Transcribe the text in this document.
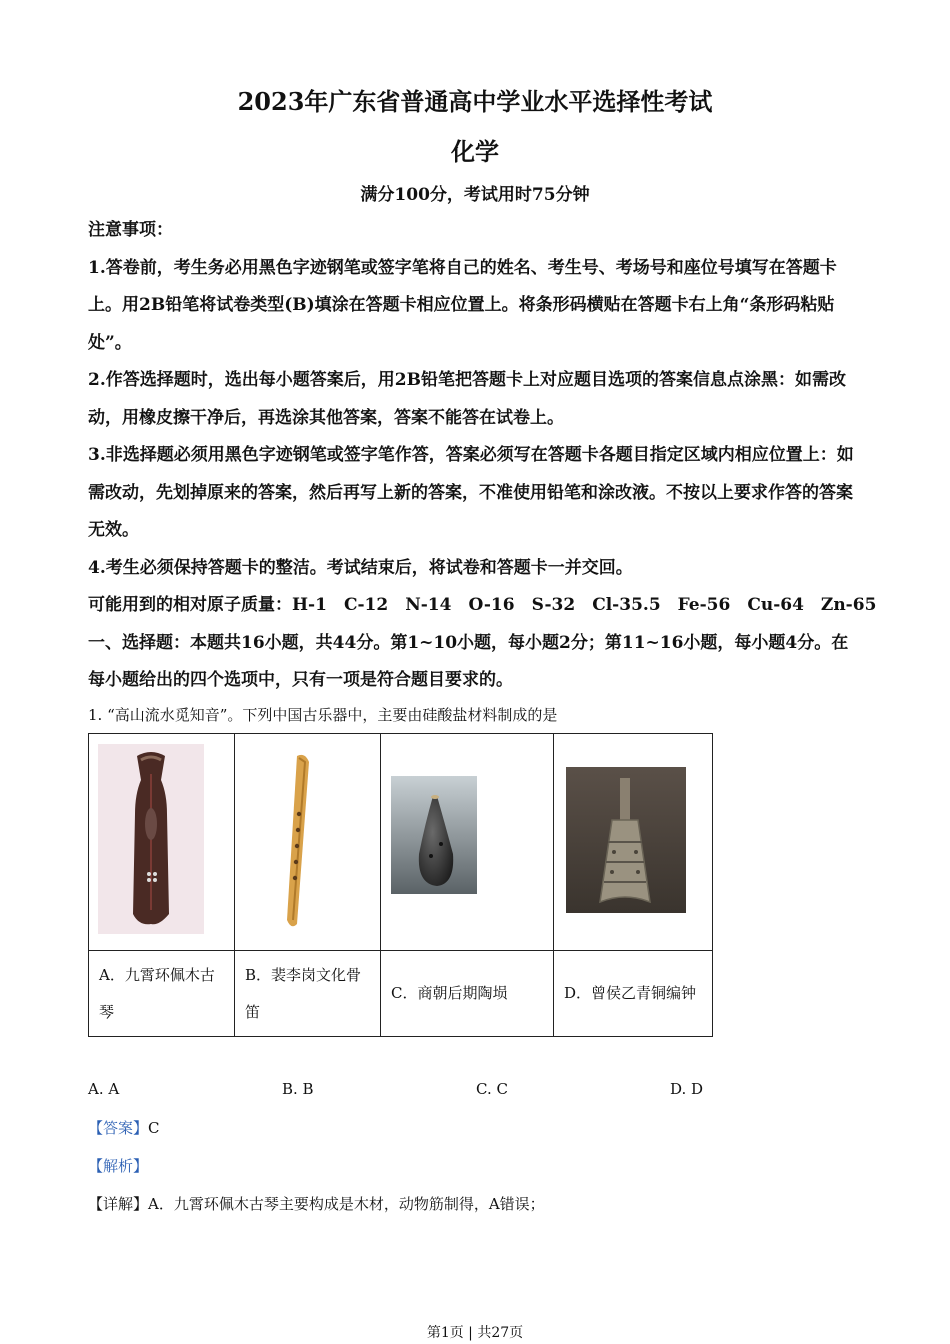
2023年广东省普通高中学业水平选择性考试
化学
满分100分，考试用时75分钟
注意事项：
1.答卷前，考生务必用黑色字迹钢笔或签字笔将自己的姓名、考生号、考场号和座位号填写在答题卡上。用2B铅笔将试卷类型(B)填涂在答题卡相应位置上。将条形码横贴在答题卡右上角“条形码粘贴处”。
2.作答选择题时，选出每小题答案后，用2B铅笔把答题卡上对应题目选项的答案信息点涂黑：如需改动，用橡皮擦干净后，再选涂其他答案，答案不能答在试卷上。
3.非选择题必须用黑色字迹钢笔或签字笔作答，答案必须写在答题卡各题目指定区域内相应位置上：如需改动，先划掉原来的答案，然后再写上新的答案，不准使用铅笔和涂改液。不按以上要求作答的答案无效。
4.考生必须保持答题卡的整洁。考试结束后，将试卷和答题卡一并交回。
可能用到的相对原子质量：H-1　C-12　N-14　O-16　S-32　Cl-35.5　Fe-56　Cu-64　Zn-65
一、选择题：本题共16小题，共44分。第1~10小题，每小题2分；第11~16小题，每小题4分。在每小题给出的四个选项中，只有一项是符合题目要求的。
1. “高山流水觅知音”。下列中国古乐器中，主要由硅酸盐材料制成的是

A．九霄环佩木古琴	B．裴李岗文化骨笛	C．商朝后期陶埙	D．曾侯乙青铜编钟
A. A	B. B	C. C	D. D
【答案】C
【解析】
【详解】A．九霄环佩木古琴主要构成是木材，动物筋制得，A错误；
第1页 | 共27页
